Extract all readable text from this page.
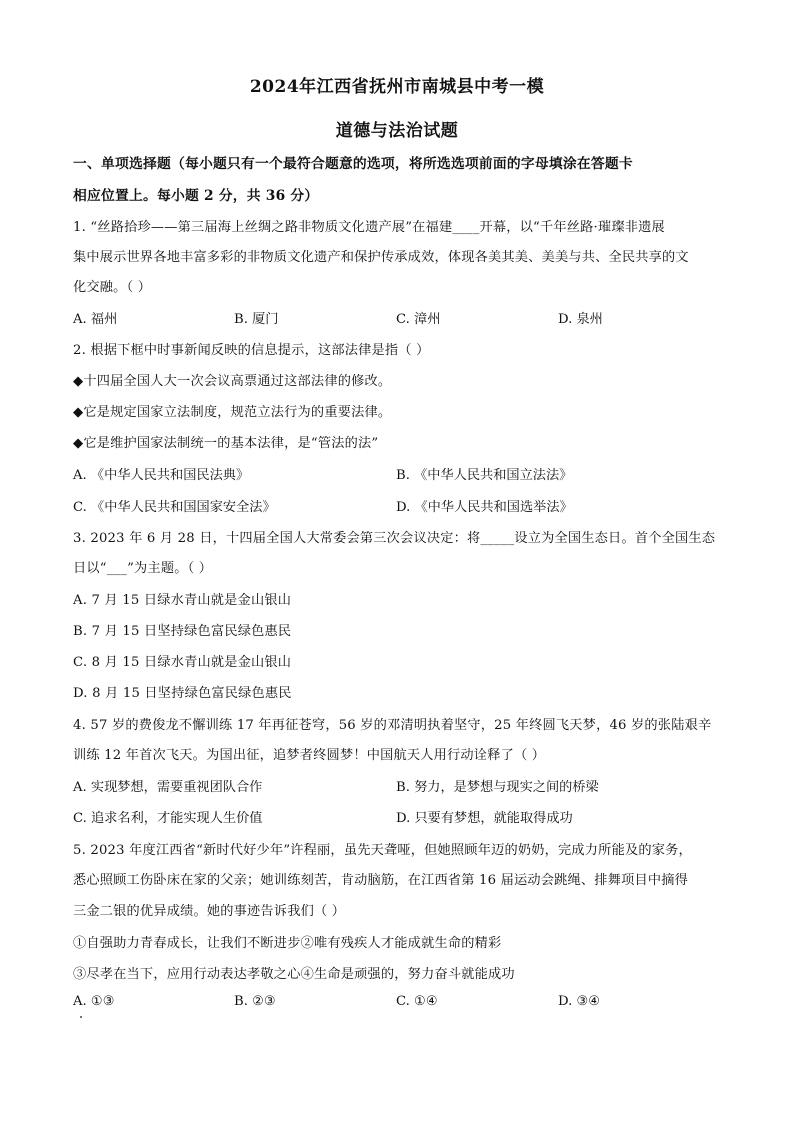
2024年江西省抚州市南城县中考一模
道德与法治试题
一、单项选择题（每小题只有一个最符合题意的选项，将所选选项前面的字母填涂在答题卡
相应位置上。每小题 2 分，共 36 分）
1. “丝路拾珍——第三届海上丝绸之路非物质文化遗产展”在福建____开幕，以“千年丝路·璀璨非遗展
集中展示世界各地丰富多彩的非物质文化遗产和保护传承成效，体现各美其美、美美与共、全民共享的文
化交融。（ ）
A. 福州	B. 厦门	C. 漳州	D. 泉州
2. 根据下框中时事新闻反映的信息提示，这部法律是指（ ）
◆十四届全国人大一次会议高票通过这部法律的修改。
◆它是规定国家立法制度，规范立法行为的重要法律。
◆它是维护国家法制统一的基本法律，是“管法的法”
A. 《中华人民共和国民法典》	B. 《中华人民共和国立法法》
C. 《中华人民共和国国家安全法》	D. 《中华人民共和国选举法》
3. 2023 年 6 月 28 日，十四届全国人大常委会第三次会议决定：将_____设立为全国生态日。首个全国生态
日以“___”为主题。（ ）
A. 7 月 15 日绿水青山就是金山银山
B. 7 月 15 日坚持绿色富民绿色惠民
C. 8 月 15 日绿水青山就是金山银山
D. 8 月 15 日坚持绿色富民绿色惠民
4. 57 岁的费俊龙不懈训练 17 年再征苍穹，56 岁的邓清明执着坚守，25 年终圆飞天梦，46 岁的张陆艰辛
训练 12 年首次飞天。为国出征，追梦者终圆梦！中国航天人用行动诠释了（ ）
A. 实现梦想，需要重视团队合作	B. 努力，是梦想与现实之间的桥梁
C. 追求名利，才能实现人生价值	D. 只要有梦想，就能取得成功
5. 2023 年度江西省“新时代好少年”许程丽，虽先天聋哑，但她照顾年迈的奶奶，完成力所能及的家务，
悉心照顾工伤卧床在家的父亲；她训练刻苦，肯动脑筋，在江西省第 16 届运动会跳绳、排舞项目中摘得
三金二银的优异成绩。她的事迹告诉我们（ ）
①自强助力青春成长，让我们不断进步②唯有残疾人才能成就生命的精彩
③尽孝在当下，应用行动表达孝敬之心④生命是顽强的，努力奋斗就能成功
A. ①③	B. ②③	C. ①④	D. ③④
